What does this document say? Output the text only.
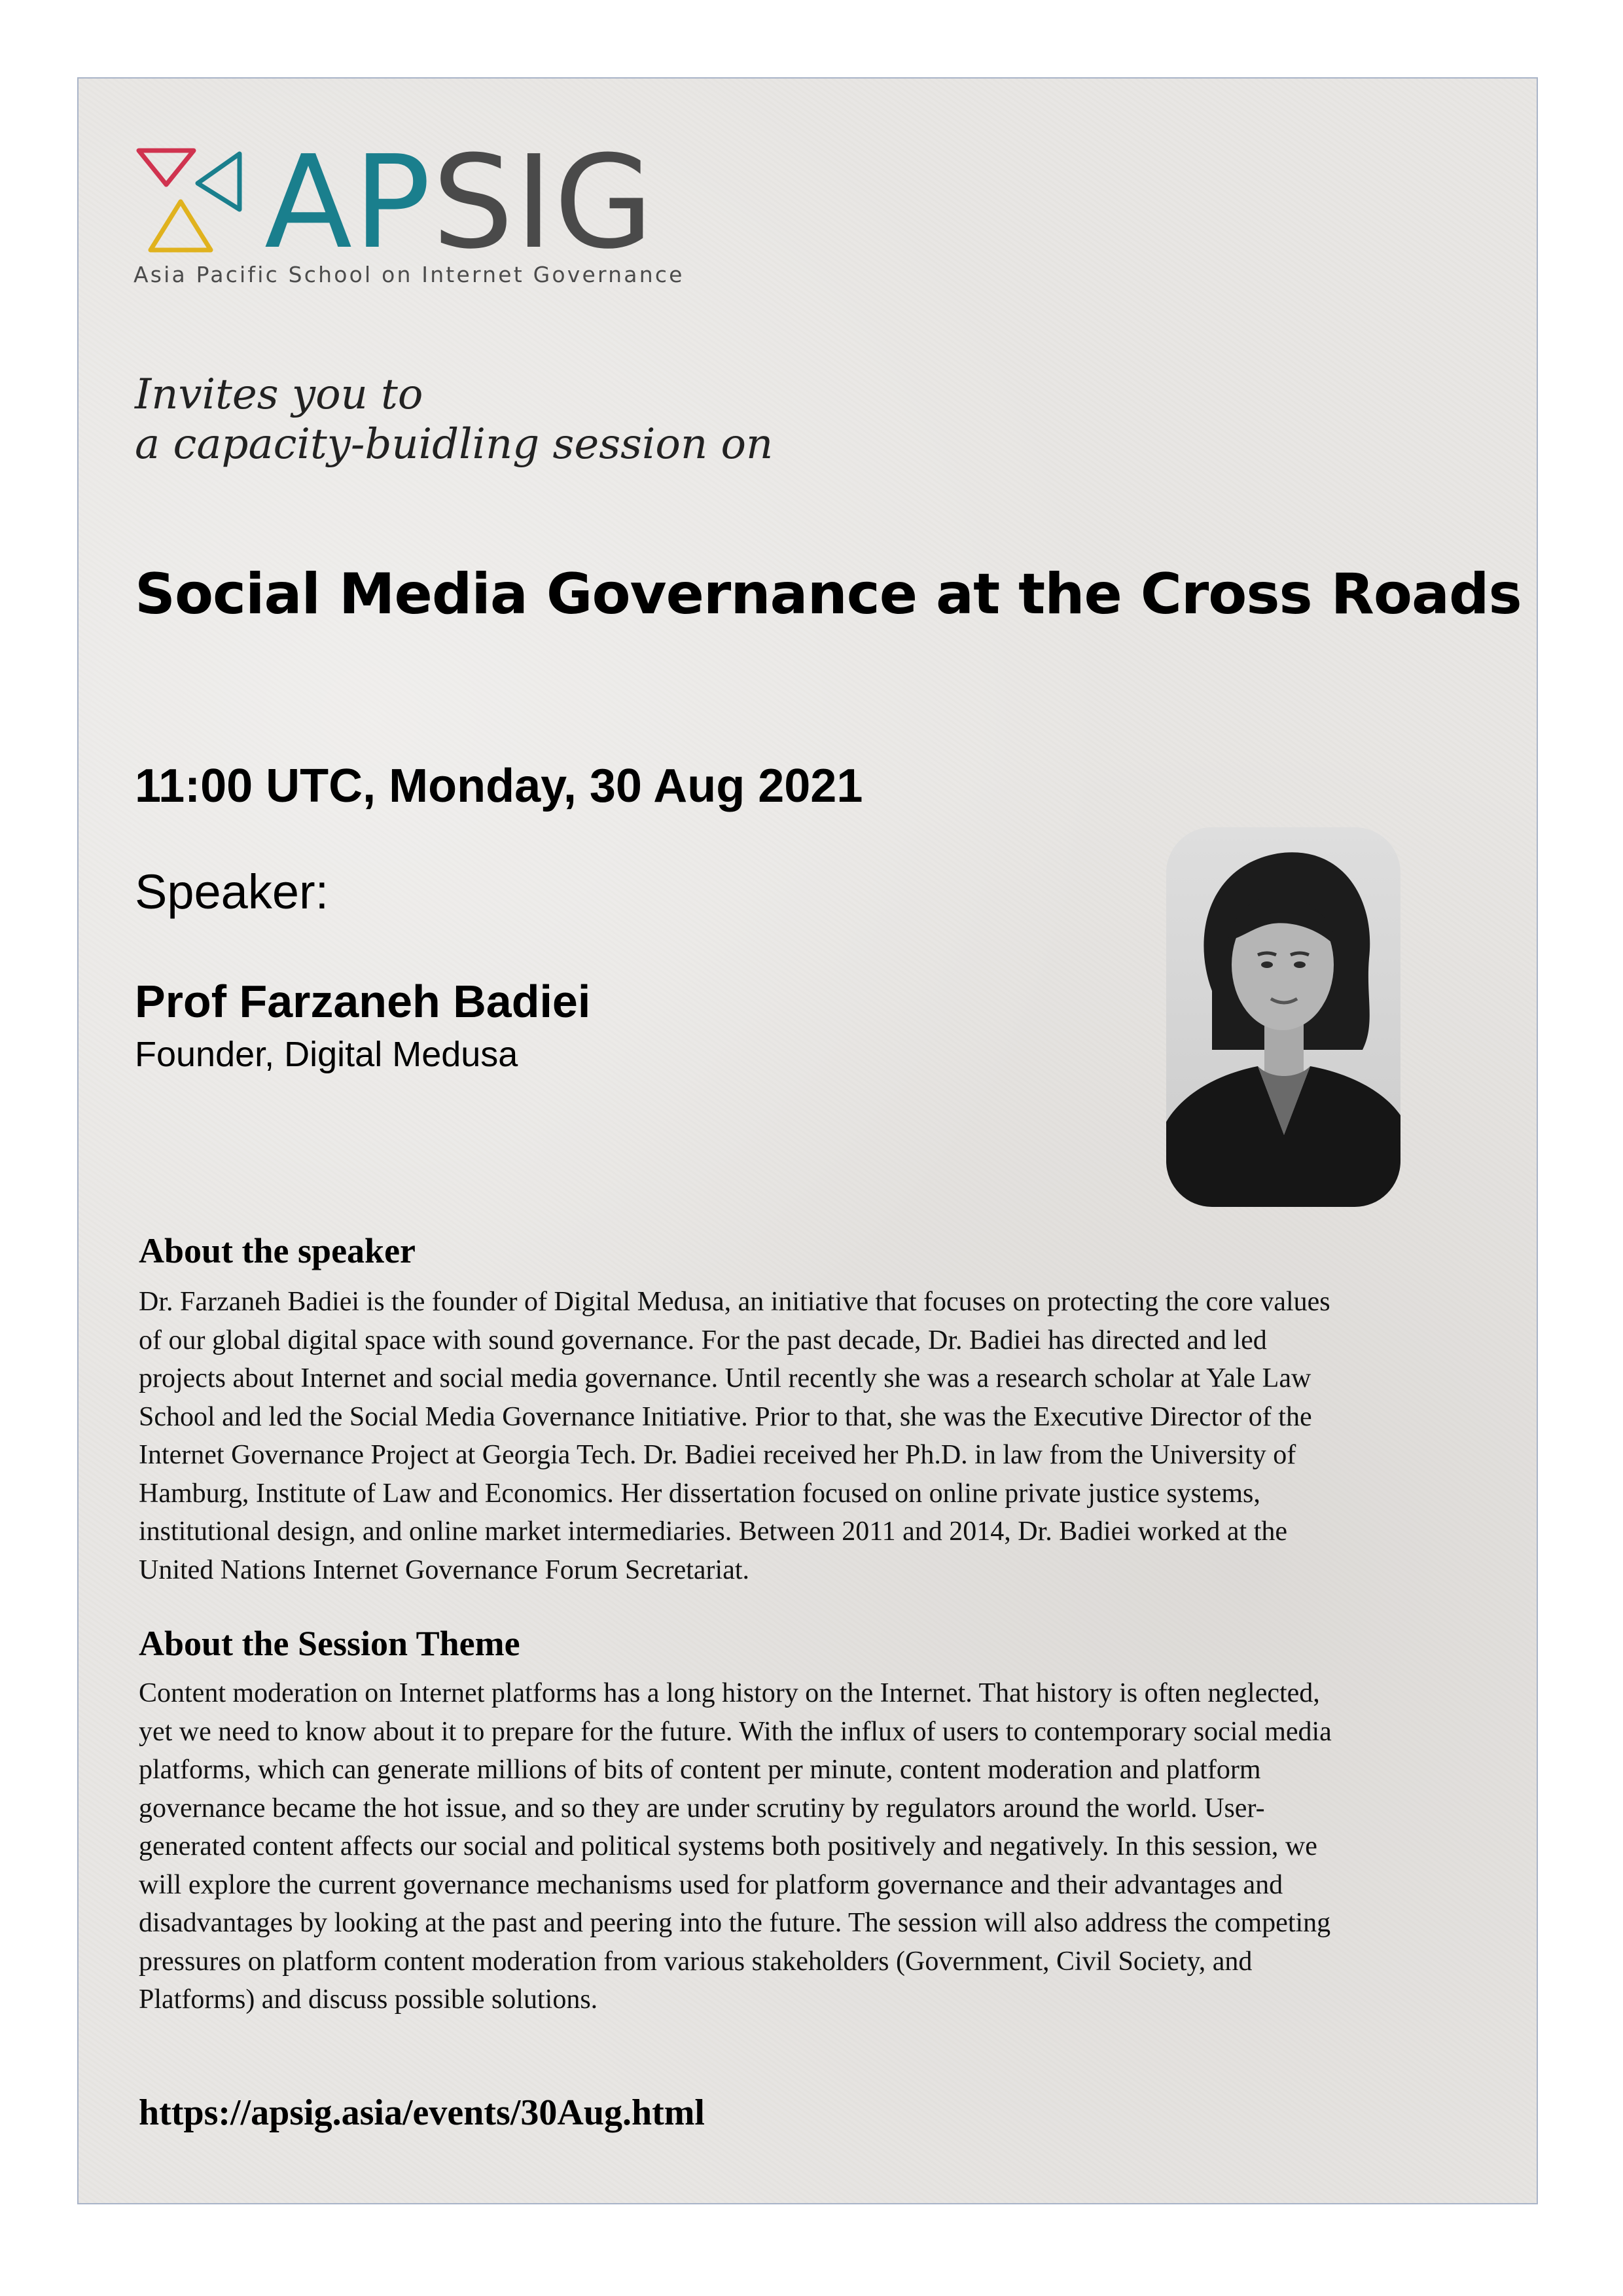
APSIG
Asia Pacific School on Internet Governance
Invites you to
a capacity-buidling session on
Social Media Governance at the Cross Roads
11:00 UTC, Monday, 30 Aug 2021
Speaker:
Prof Farzaneh Badiei
Founder, Digital Medusa
About the speaker
Dr. Farzaneh Badiei is the founder of Digital Medusa, an initiative that focuses on protecting the core values
of our global digital space with sound governance. For the past decade, Dr. Badiei has directed and led
projects about Internet and social media governance. Until recently she was a research scholar at Yale Law
School and led the Social Media Governance Initiative. Prior to that, she was the Executive Director of the
Internet Governance Project at Georgia Tech. Dr. Badiei received her Ph.D. in law from the University of
Hamburg, Institute of Law and Economics. Her dissertation focused on online private justice systems,
institutional design, and online market intermediaries. Between 2011 and 2014, Dr. Badiei worked at the
United Nations Internet Governance Forum Secretariat.
About the Session Theme
Content moderation on Internet platforms has a long history on the Internet. That history is often neglected,
yet we need to know about it to prepare for the future. With the influx of users to contemporary social media
platforms, which can generate millions of bits of content per minute, content moderation and platform
governance became the hot issue, and so they are under scrutiny by regulators around the world. User-
generated content affects our social and political systems both positively and negatively. In this session, we
will explore the current governance mechanisms used for platform governance and their advantages and
disadvantages by looking at the past and peering into the future. The session will also address the competing
pressures on platform content moderation from various stakeholders (Government, Civil Society, and
Platforms) and discuss possible solutions.
https://apsig.asia/events/30Aug.html
